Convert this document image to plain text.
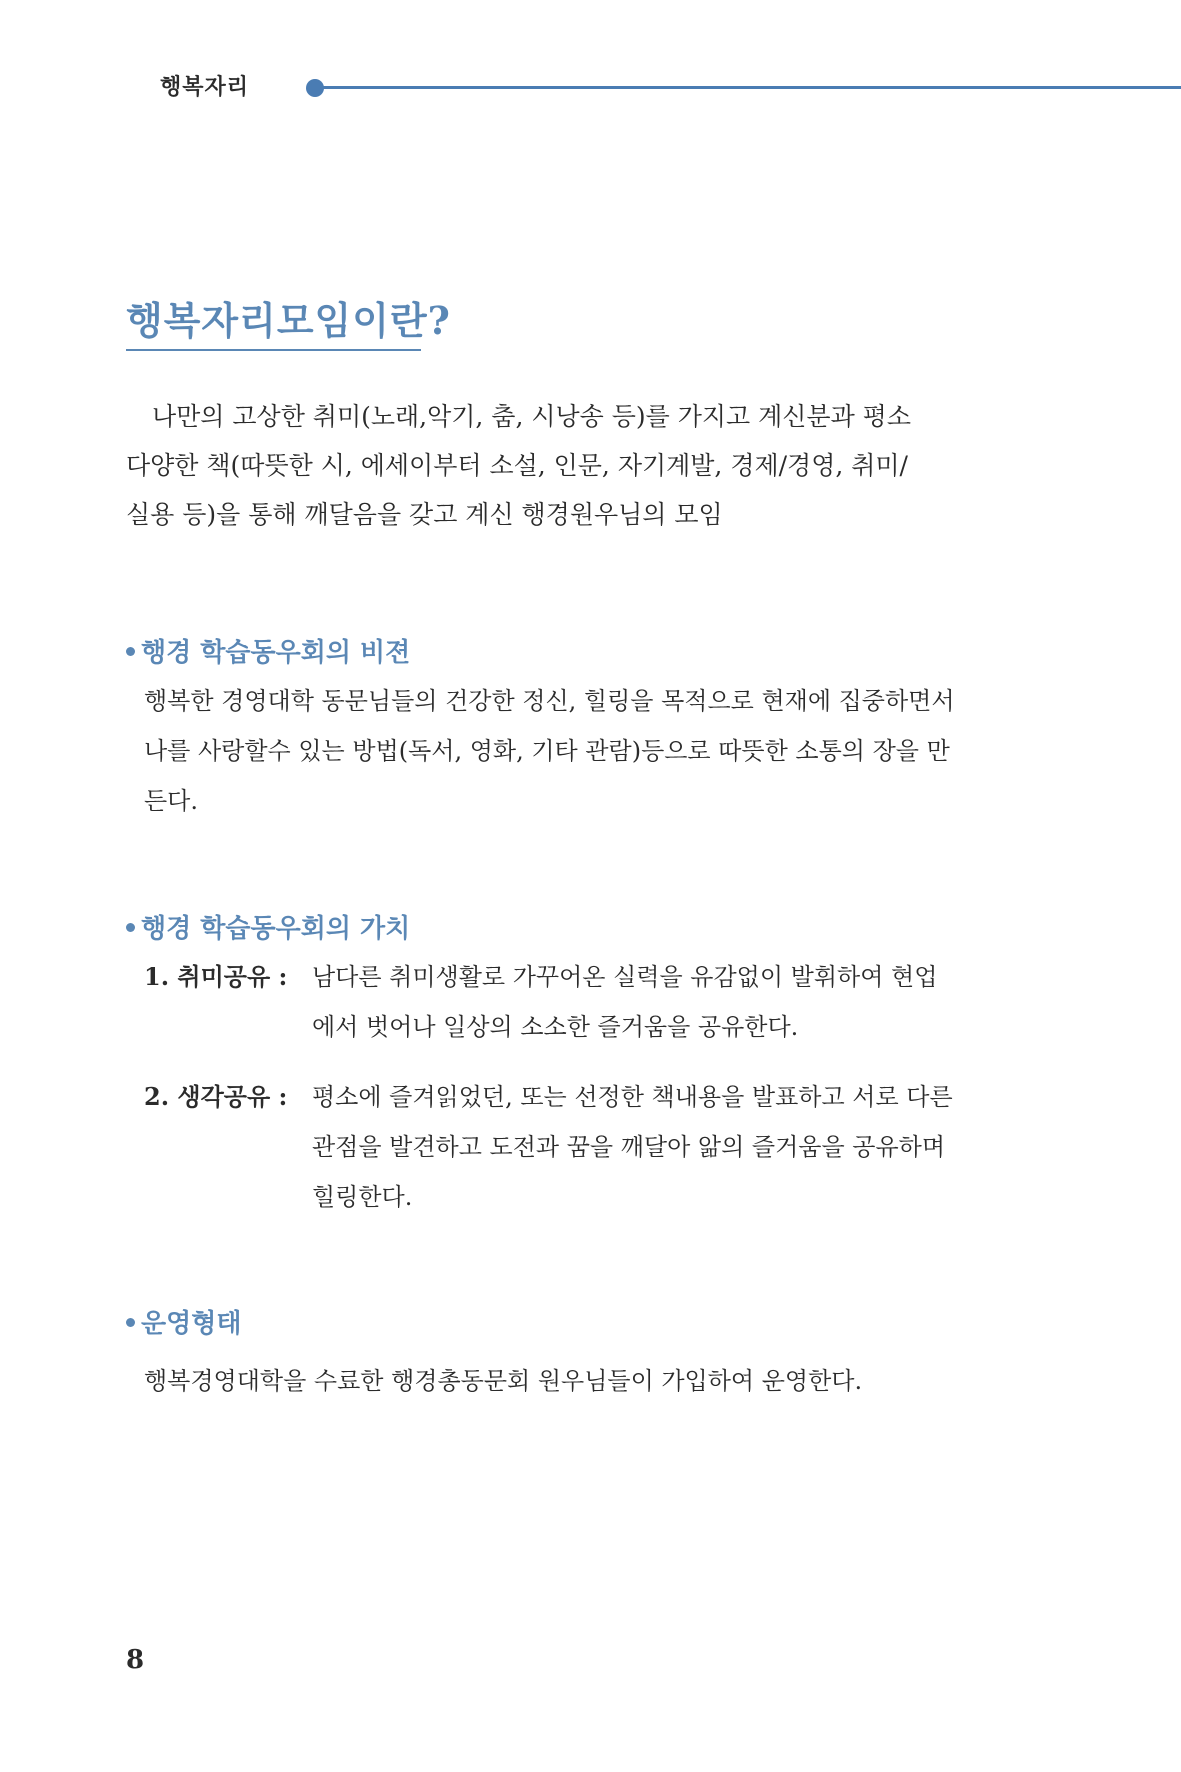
행복자리
행복자리모임이란?

나만의 고상한 취미(노래,악기, 춤, 시낭송 등)를 가지고 계신분과 평소
다양한 책(따뜻한 시, 에세이부터 소설, 인문, 자기계발, 경제/경영, 취미/
실용 등)을 통해 깨달음을 갖고 계신 행경원우님의 모임

행경 학습동우회의 비젼

행복한 경영대학 동문님들의 건강한 정신, 힐링을 목적으로 현재에 집중하면서
나를 사랑할수 있는 방법(독서, 영화, 기타 관람)등으로 따뜻한 소통의 장을 만
든다.

행경 학습동우회의 가치
1. 취미공유 : 남다른 취미생활로 가꾸어온 실력을 유감없이 발휘하여 현업
에서 벗어나 일상의 소소한 즐거움을 공유한다.
2. 생각공유 : 평소에 즐겨읽었던, 또는 선정한 책내용을 발표하고 서로 다른
관점을 발견하고 도전과 꿈을 깨달아 앎의 즐거움을 공유하며
힐링한다.
운영형태

행복경영대학을 수료한 행경총동문회 원우님들이 가입하여 운영한다.

8
